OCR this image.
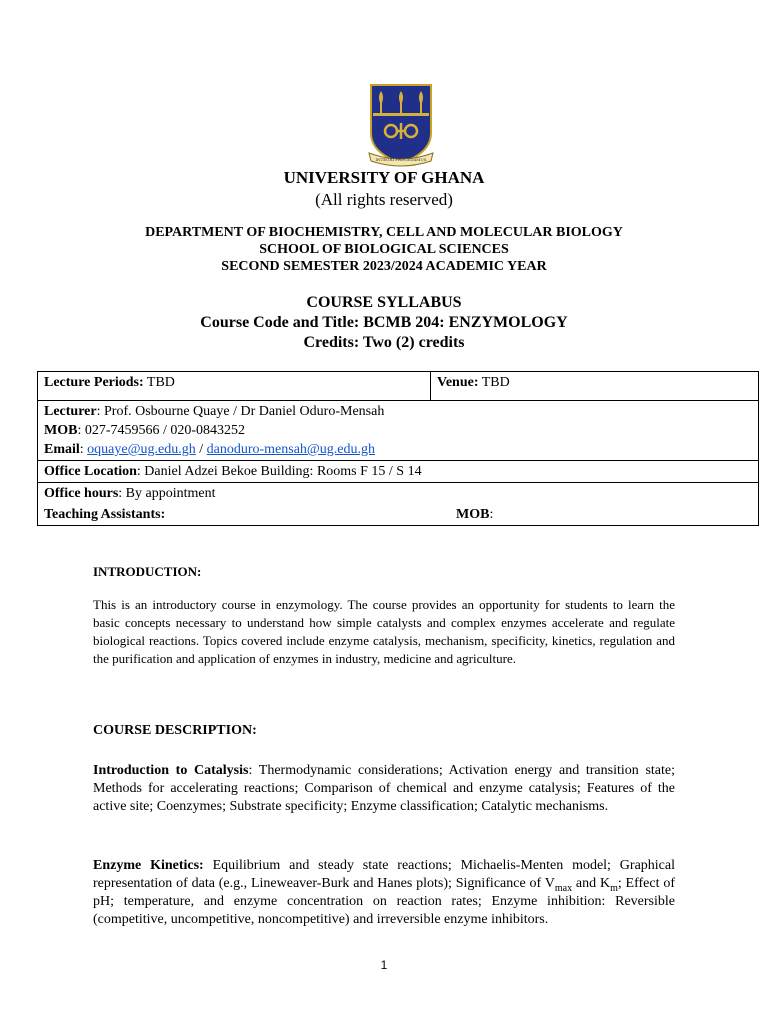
INTEGRI PROCEDAMUS
UNIVERSITY OF GHANA
(All rights reserved)
DEPARTMENT OF BIOCHEMISTRY, CELL AND MOLECULAR BIOLOGY
SCHOOL OF BIOLOGICAL SCIENCES
SECOND SEMESTER 2023/2024 ACADEMIC YEAR
COURSE SYLLABUS
Course Code and Title: BCMB 204: ENZYMOLOGY
Credits: Two (2) credits
Lecture Periods: TBD	Venue: TBD

Lecturer: Prof. Osbourne Quaye / Dr Daniel Oduro-Mensah
MOB: 027-7459566 / 020-0843252
Email: oquaye@ug.edu.gh / danoduro-mensah@ug.edu.gh

Office Location: Daniel Adzei Bekoe Building: Rooms F 15 / S 14
Office hours: By appointment
Teaching Assistants:	MOB:
INTRODUCTION:
This is an introductory course in enzymology. The course provides an opportunity for students to learn the basic concepts necessary to understand how simple catalysts and complex enzymes accelerate and regulate biological reactions. Topics covered include enzyme catalysis, mechanism, specificity, kinetics, regulation and the purification and application of enzymes in industry, medicine and agriculture.
COURSE DESCRIPTION:
Introduction to Catalysis: Thermodynamic considerations; Activation energy and transition state; Methods for accelerating reactions; Comparison of chemical and enzyme catalysis; Features of the active site; Coenzymes; Substrate specificity; Enzyme classification; Catalytic mechanisms.
Enzyme Kinetics: Equilibrium and steady state reactions; Michaelis-Menten model; Graphical representation of data (e.g., Lineweaver-Burk and Hanes plots); Significance of $V_{max}$ and $K_m$; Effect of pH; temperature, and enzyme concentration on reaction rates; Enzyme inhibition: Reversible (competitive, uncompetitive, noncompetitive) and irreversible enzyme inhibitors.
1
